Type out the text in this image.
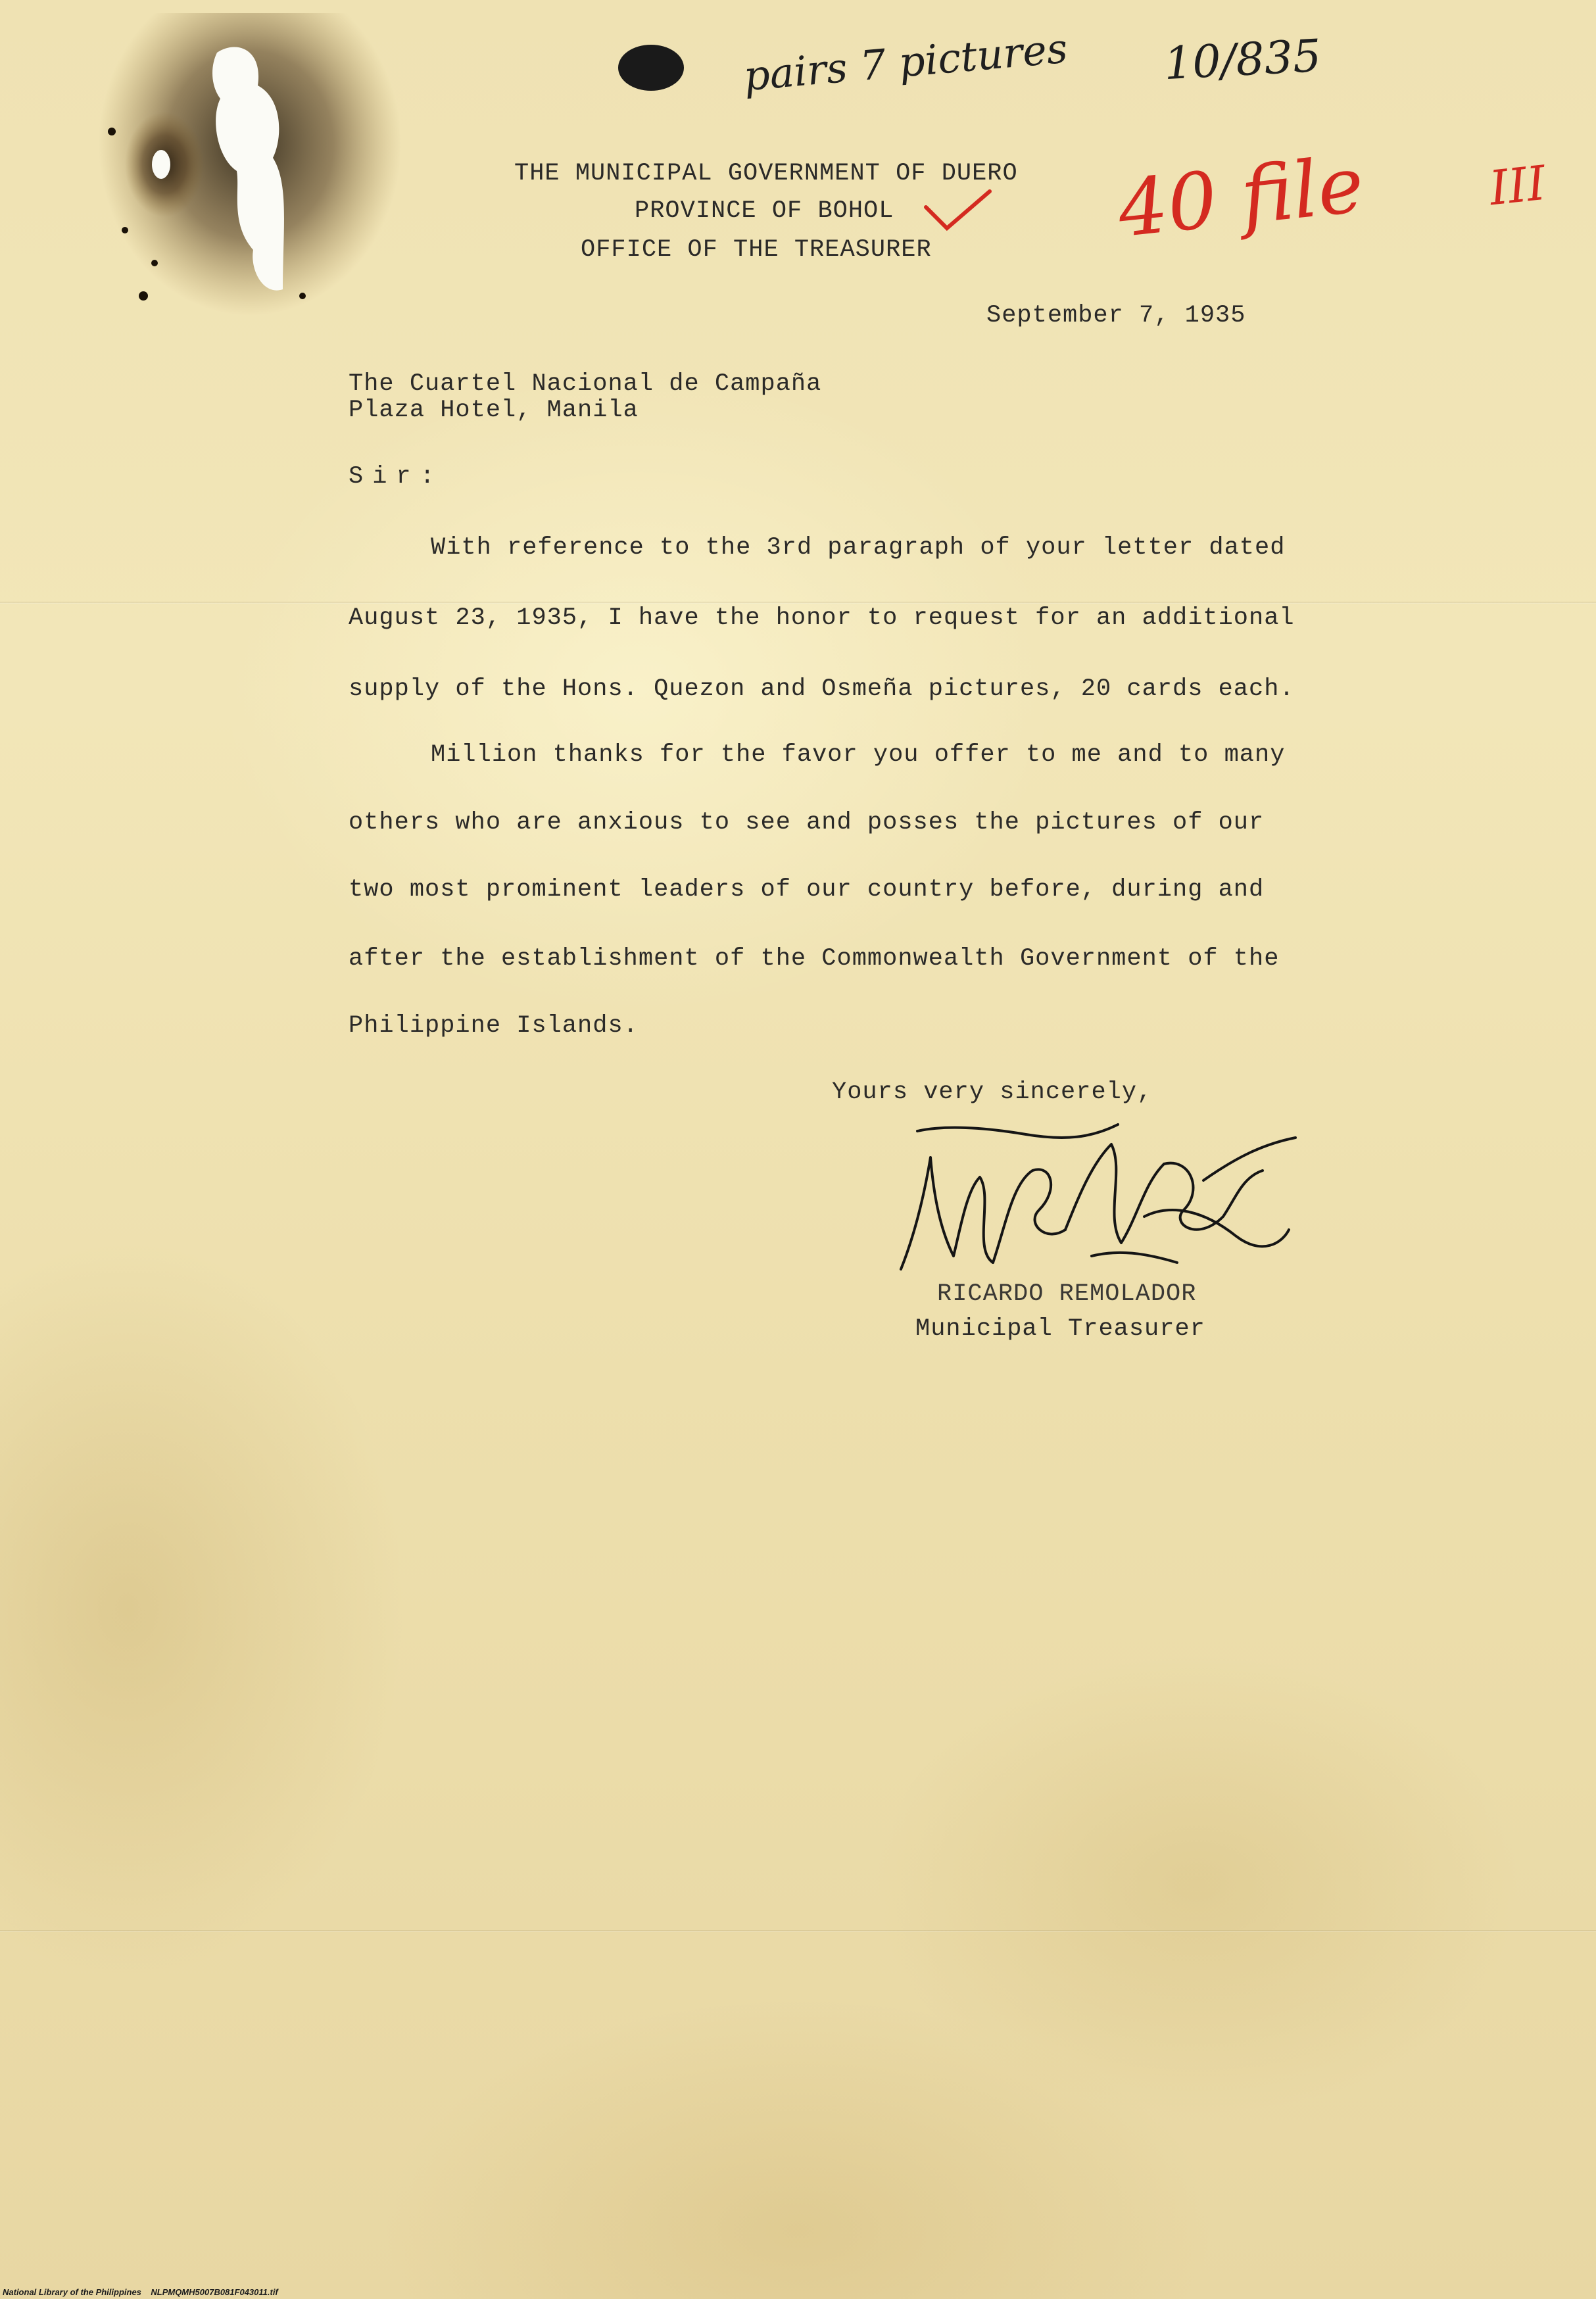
pairs 7 pictures 10/835
40 file	III
THE MUNICIPAL GOVERNMENT OF DUERO
PROVINCE OF BOHOL
OFFICE OF THE TREASURER
September 7, 1935
The Cuartel Nacional de Campaña
Plaza Hotel, Manila
Sir:
With reference to the 3rd paragraph of your letter dated
August 23, 1935, I have the honor to request for an additional
supply of the Hons. Quezon and Osmeña pictures, 20 cards each.
Million thanks for the favor you offer to me and to many
others who are anxious to see and posses the pictures of our
two most prominent leaders of our country before, during and
after the establishment of the Commonwealth Government of the
Philippine Islands.
Yours very sincerely,
RICARDO REMOLADOR
Municipal Treasurer
National Library of the Philippines    NLPMQMH5007B081F043011.tif
